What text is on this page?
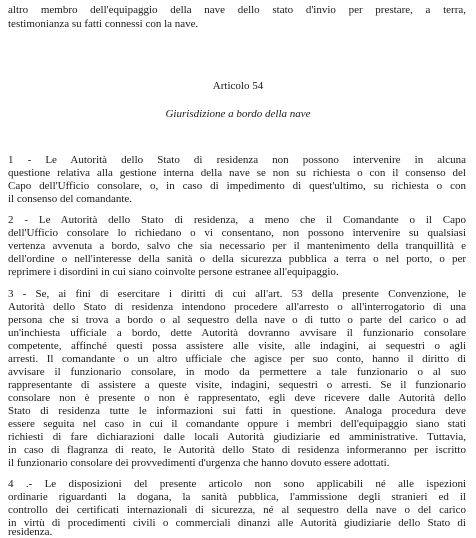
altro membro dell'equipaggio della nave dello stato d'invio per prestare, a terra,
testimonianza su fatti connessi con la nave.
Articolo 54
Giurisdizione a bordo della nave
1 - Le Autorità dello Stato di residenza non possono intervenire in alcuna
questione relativa alla gestione interna della nave se non su richiesta o con il consenso del
Capo dell'Ufficio consolare, o, in caso di impedimento di quest'ultimo, su richiesta o con
il consenso del comandante.
2 - Le Autorità dello Stato di residenza, a meno che il Comandante o il Capo
dell'Ufficio consolare lo richiedano o vi consentano, non possono intervenire su qualsiasi
vertenza avvenuta a bordo, salvo che sia necessario per il mantenimento della tranquillità e
dell'ordine o nell'interesse della sanità o della sicurezza pubblica a terra o nel porto, o per
reprimere i disordini in cui siano coinvolte persone estranee all'equipaggio.
3 - Se, ai fini di esercitare i diritti di cui all'art. 53 della presente Convenzione, le
Autorità dello Stato di residenza intendono procedere all'arresto o all'interrogatorio di una
persona che si trova a bordo o al sequestro della nave o di tutto o parte del carico o ad
un'inchiesta ufficiale a bordo, dette Autorità dovranno avvisare il funzionario consolare
competente, affinché questi possa assistere alle visite, alle indagini, ai sequestri o agli
arresti. Il comandante o un altro ufficiale che agisce per suo conto, hanno il diritto di
avvisare il funzionario consolare, in modo da permettere a tale funzionario o al suo
rappresentante di assistere a queste visite, indagini, sequestri o arresti. Se il funzionario
consolare non è presente o non è rappresentato, egli deve ricevere dalle Autorità dello
Stato di residenza tutte le informazioni sui fatti in questione. Analoga procedura deve
essere seguita nel caso in cui il comandante oppure i membri dell'equipaggio siano stati
richiesti di fare dichiarazioni dalle locali Autorità giudiziarie ed amministrative. Tuttavia,
in caso di flagranza di reato, le Autorità dello Stato di residenza informeranno per iscritto
il funzionario consolare dei provvedimenti d'urgenza che hanno dovuto essere adottati.
4 .- Le disposizioni del presente articolo non sono applicabili né alle ispezioni
ordinarie riguardanti la dogana, la sanità pubblica, l'ammissione degli stranieri ed il
controllo dei certificati internazionali di sicurezza, né al sequestro della nave o del carico
in virtù di procedimenti civili o commerciali dinanzi alle Autorità giudiziarie dello Stato di
residenza.
